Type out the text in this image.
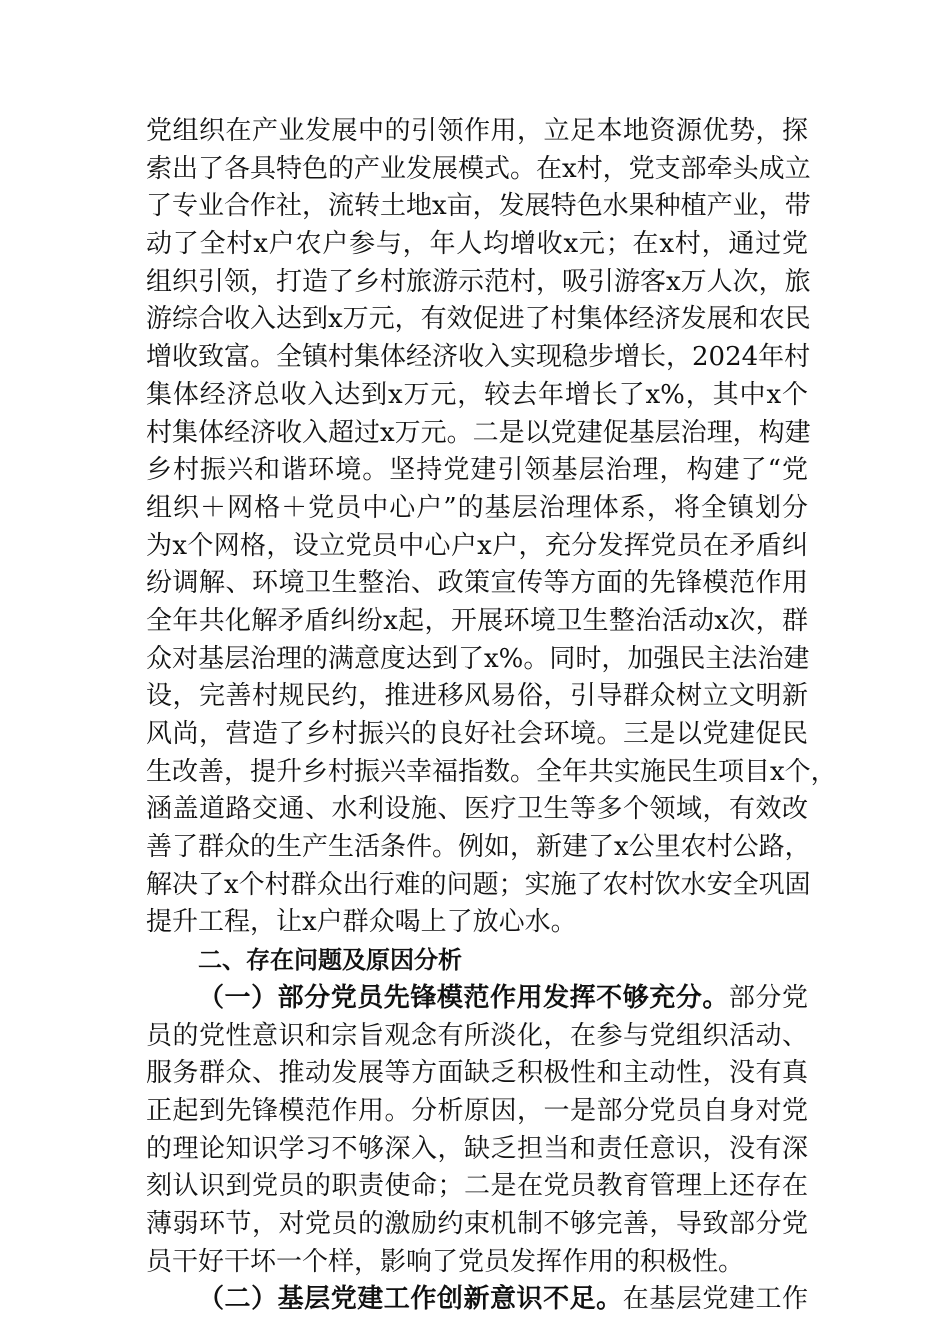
党组织在产业发展中的引领作用，立足本地资源优势，探
索出了各具特色的产业发展模式。在x村，党支部牵头成立
了专业合作社，流转土地x亩，发展特色水果种植产业，带
动了全村x户农户参与，年人均增收x元；在x村，通过党
组织引领，打造了乡村旅游示范村，吸引游客x万人次，旅
游综合收入达到x万元，有效促进了村集体经济发展和农民
增收致富。全镇村集体经济收入实现稳步增长，2024年村
集体经济总收入达到x万元，较去年增长了x%，其中x个
村集体经济收入超过x万元。二是以党建促基层治理，构建
乡村振兴和谐环境。坚持党建引领基层治理，构建了“党
组织＋网格＋党员中心户”的基层治理体系，将全镇划分
为x个网格，设立党员中心户x户，充分发挥党员在矛盾纠
纷调解、环境卫生整治、政策宣传等方面的先锋模范作用
全年共化解矛盾纠纷x起，开展环境卫生整治活动x次，群
众对基层治理的满意度达到了x%。同时，加强民主法治建
设，完善村规民约，推进移风易俗，引导群众树立文明新
风尚，营造了乡村振兴的良好社会环境。三是以党建促民
生改善，提升乡村振兴幸福指数。全年共实施民生项目x个，
涵盖道路交通、水利设施、医疗卫生等多个领域，有效改
善了群众的生产生活条件。例如，新建了x公里农村公路，
解决了x个村群众出行难的问题；实施了农村饮水安全巩固
提升工程，让x户群众喝上了放心水。
二、存在问题及原因分析
（一）部分党员先锋模范作用发挥不够充分。部分党
员的党性意识和宗旨观念有所淡化，在参与党组织活动、
服务群众、推动发展等方面缺乏积极性和主动性，没有真
正起到先锋模范作用。分析原因，一是部分党员自身对党
的理论知识学习不够深入，缺乏担当和责任意识，没有深
刻认识到党员的职责使命；二是在党员教育管理上还存在
薄弱环节，对党员的激励约束机制不够完善，导致部分党
员干好干坏一个样，影响了党员发挥作用的积极性。
（二）基层党建工作创新意识不足。在基层党建工作
